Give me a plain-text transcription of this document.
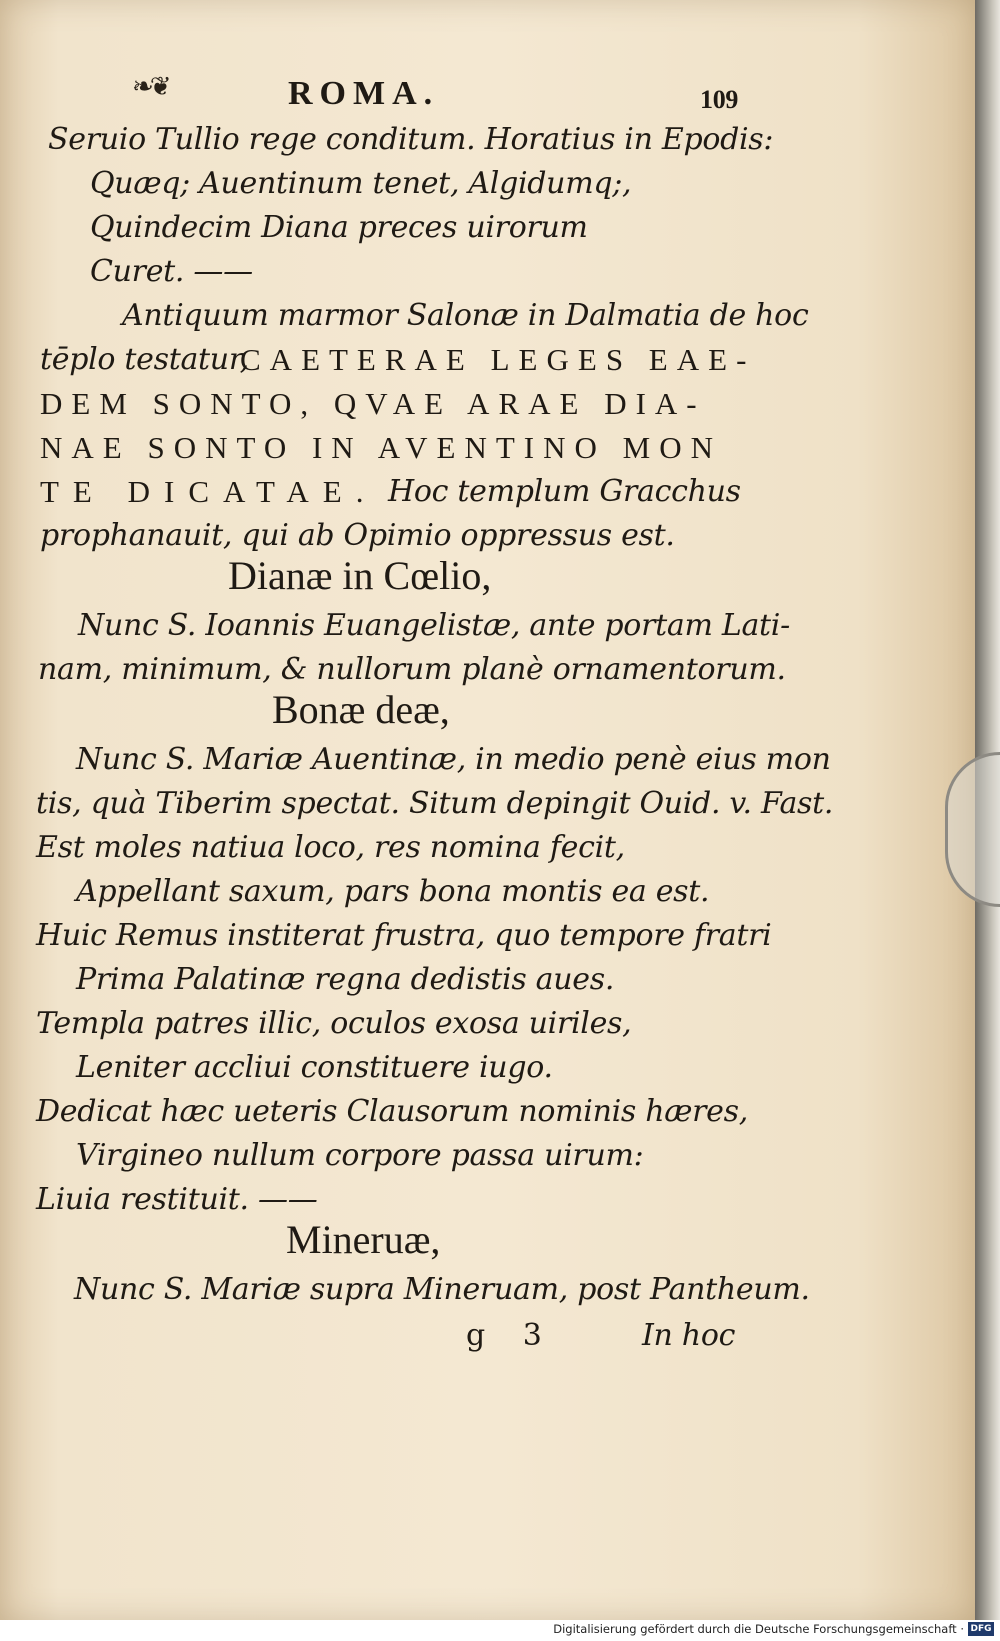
❧❦	ROMA.	109
Seruio Tullio rege conditum. Horatius in Epodis:
Quæq; Auentinum tenet, Algidumq;,
Quindecim Diana preces uirorum
Curet. ——
Antiquum marmor Salonæ in Dalmatia de hoc
tēplo testatur,
CAETERAE LEGES EAE-
DEM SONTO, QVAE ARAE DIA-
NAE SONTO IN AVENTINO MON
TE DICATAE. Hoc templum Gracchus
prophanauit, qui ab Opimio oppressus est.
Dianæ in Cœlio,
Nunc S. Ioannis Euangelistæ, ante portam Lati-
nam, minimum, & nullorum planè ornamentorum.
Bonæ deæ,
Nunc S. Mariæ Auentinæ, in medio penè eius mon
tis, quà Tiberim spectat. Situm depingit Ouid. v. Fast.
Est moles natiua loco, res nomina fecit,
Appellant saxum, pars bona montis ea est.
Huic Remus institerat frustra, quo tempore fratri
Prima Palatinæ regna dedistis aues.
Templa patres illic, oculos exosa uiriles,
Leniter accliui constituere iugo.
Dedicat hæc ueteris Clausorum nominis hæres,
Virgineo nullum corpore passa uirum:
Liuia restituit. ——
Mineruæ,
Nunc S. Mariæ supra Mineruam, post Pantheum.
g 3	In hoc
Digitalisierung gefördert durch die Deutsche Forschungsgemeinschaft · DFG
